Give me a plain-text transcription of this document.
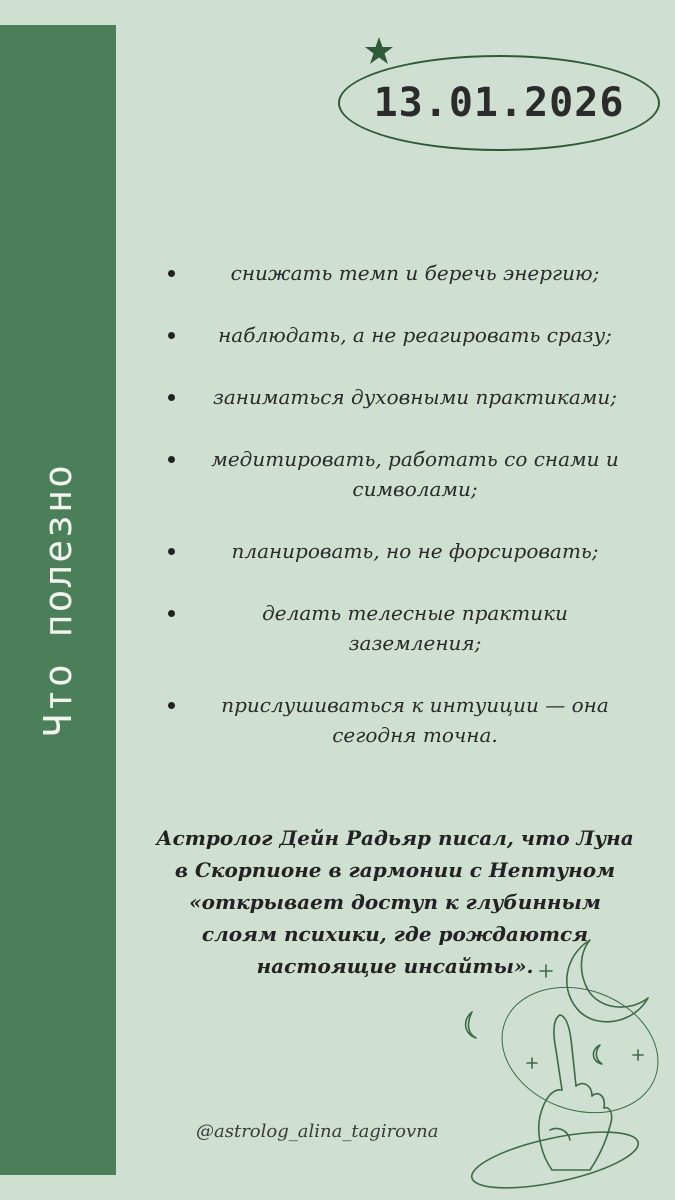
Что полезно
13.01.2026
снижать темп и беречь энергию;
наблюдать, а не реагировать сразу;
заниматься духовными практиками;
медитировать, работать со снами и символами;
планировать, но не форсировать;
делать телесные практики заземления;
прислушиваться к интуиции — она сегодня точна.
Астролог Дейн Радьяр писал, что Луна в Скорпионе в гармонии с Нептуном «открывает доступ к глубинным слоям психики, где рождаются настоящие инсайты».
@astrolog_alina_tagirovna
